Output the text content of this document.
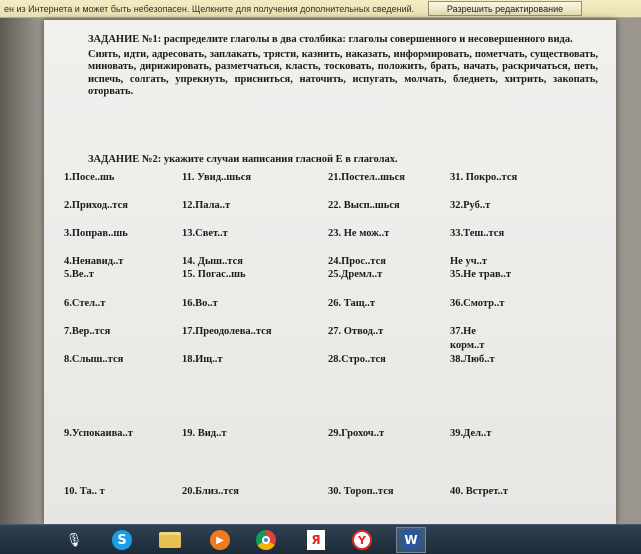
ен из Интернета и может быть небезопасен. Щелкните для получения дополнительных сведений.	Разрешить редактирование
ЗАДАНИЕ №1: распределите глаголы в два столбика: глаголы совершенного и несовершенного вида.
Сиять, идти, адресовать, заплакать, трясти, казнить, наказать, информировать, пометчать, существовать, миновать, дирижировать, разметчаться, класть, тосковать, положить, брать, начать, раскричаться, петь, испечь, солгать, упрекнуть, присниться, наточить, испугать, молчать, бледнеть, хитрить, закопать, оторвать.
ЗАДАНИЕ №2: укажите случаи написания гласной Е в глаголах.
1.Посе..шь	11. Увид..шься	21.Постел..шься	31. Покро..тся
2.Приход..тся	12.Пала..т	22. Высп..шься	32.Руб..т
3.Поправ..шь	13.Свет..т	23. Не мож..т	33.Теш..тся
4.Ненавид..т	14. Дыш..тся	24.Прос..тся	Не уч..т
5.Ве..т	15. Погас..шь	25.Дремл..т	35.Не трав..т
6.Стел..т	16.Во..т	26. Тащ..т	36.Смотр..т
7.Вер..тся	17.Преодолева..тся	27. Отвод..т	37.Не
корм..т
8.Слыш..тся	18.Ищ..т	28.Стро..тся	38.Люб..т
9.Успокаива..т	19. Вид..т	29.Грохоч..т	39.Дел..т
10. Та.. т	20.Близ..тся	30. Тороп..тся	40. Встрет..т
🎙	S	▶	Я	Y	W
